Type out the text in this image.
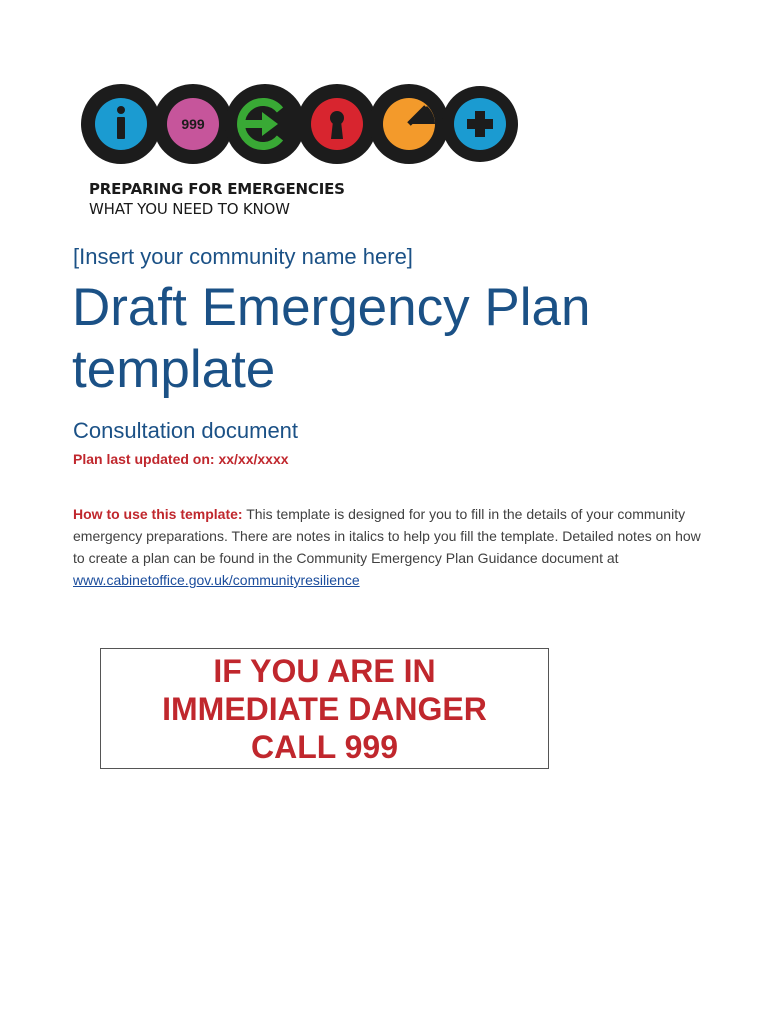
999
PREPARING FOR EMERGENCIES
WHAT YOU NEED TO KNOW
[Insert your community name here]
Draft Emergency Plan template
Consultation document
Plan last updated on: xx/xx/xxxx
How to use this template: This template is designed for you to fill in the details of your community emergency preparations. There are notes in italics to help you fill the template. Detailed notes on how to create a plan can be found in the Community Emergency Plan Guidance document at
www.cabinetoffice.gov.uk/communityresilience
IF YOU ARE IN
IMMEDIATE DANGER
CALL 999
